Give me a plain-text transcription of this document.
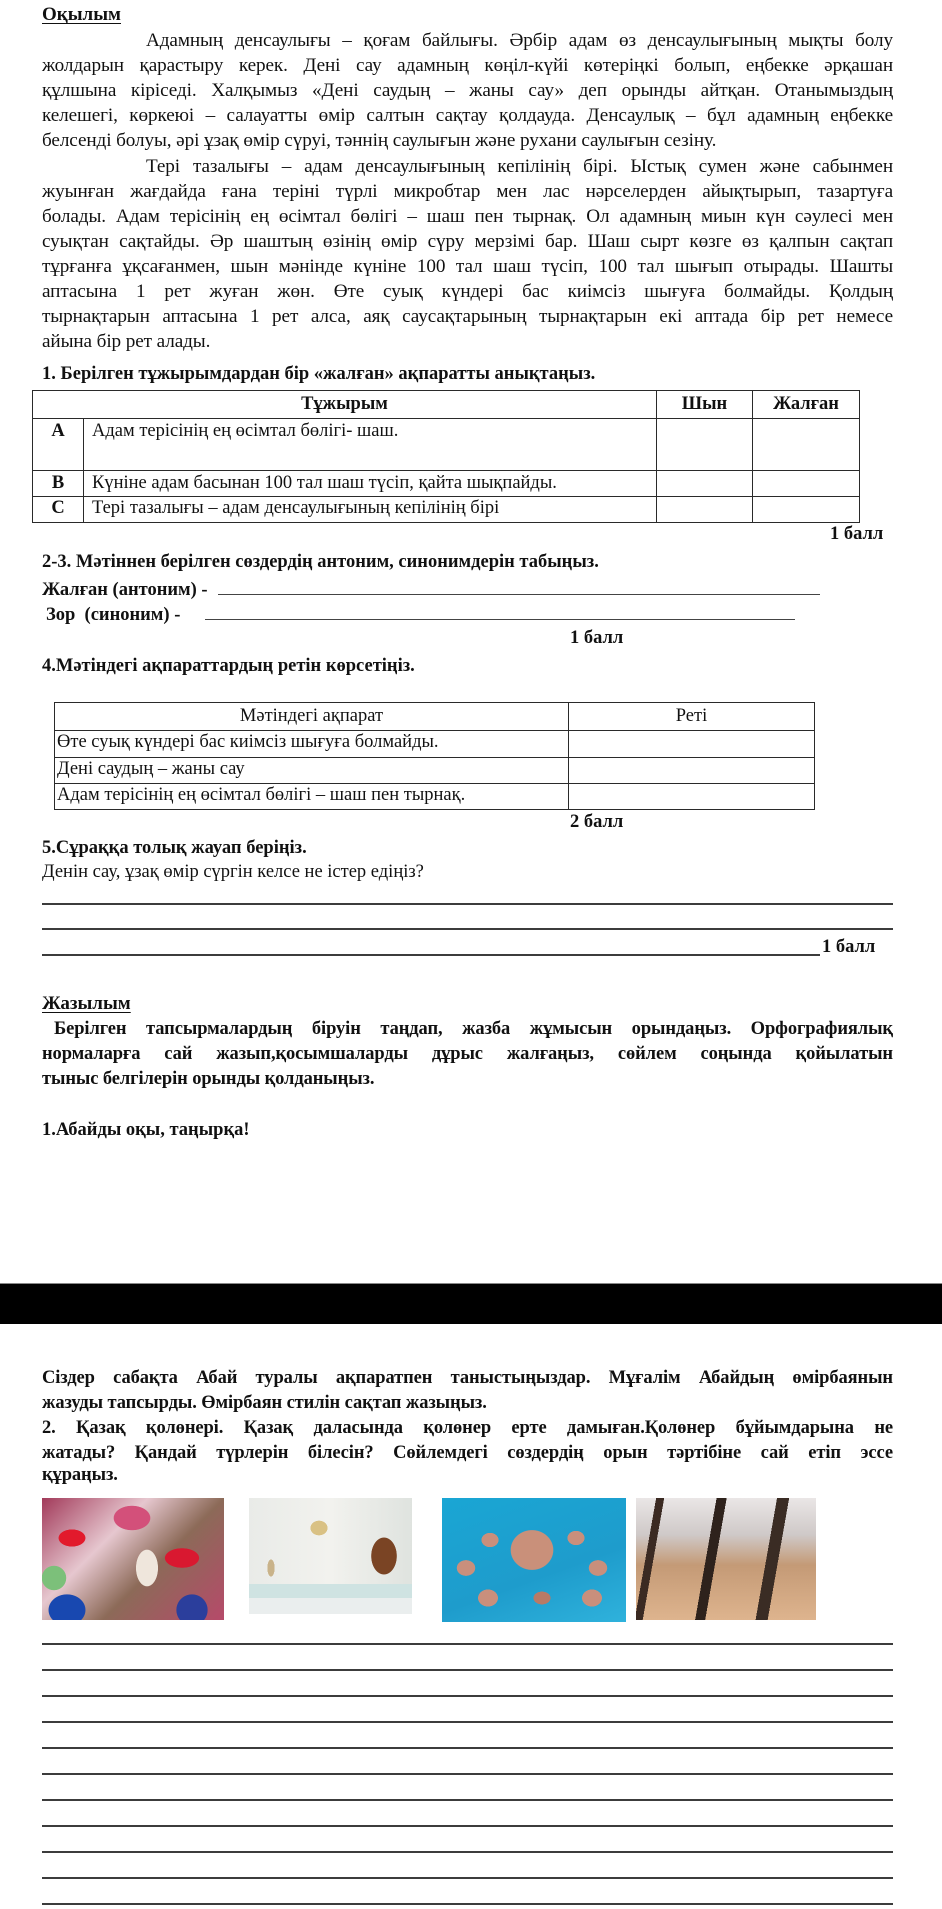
Оқылым
Адамның денсаулығы – қоғам байлығы. Әрбір адам өз денсаулығының мықты болу
жолдарын қарастыру керек. Дені сау адамның көңіл-күйі көтеріңкі болып, еңбекке әрқашан
құлшына кіріседі. Халқымыз «Дені саудың – жаны сау» деп орынды айтқан. Отанымыздың
келешегі, көркеюі – салауатты өмір салтын сақтау қолдауда. Денсаулық – бұл адамның еңбекке
белсенді болуы, әрі ұзақ өмір сүруі, тәннің саулығын және рухани саулығын сезіну.
Тері тазалығы – адам денсаулығының кепілінің бірі. Ыстық сумен және сабынмен
жуынған жағдайда ғана теріні түрлі микробтар мен лас нәрселерден айықтырып, тазартуға
болады. Адам терісінің ең өсімтал бөлігі – шаш пен тырнақ. Ол адамның миын күн сәулесі мен
суықтан сақтайды. Әр шаштың өзінің өмір сүру мерзімі бар. Шаш сырт көзге өз қалпын сақтап
тұрғанға ұқсағанмен, шын мәнінде күніне 100 тал шаш түсіп, 100 тал шығып отырады. Шашты
аптасына 1 рет жуған жөн. Өте суық күндері бас киімсіз шығуға болмайды. Қолдың
тырнақтарын аптасына 1 рет алса, аяқ саусақтарының тырнақтарын екі аптада бір рет немесе
айына бір рет алады.
1. Берілген тұжырымдардан бір «жалған» ақпаратты анықтаңыз.
Тұжырым		Шын	Жалған
A	Адам терісінің ең өсімтал бөлігі- шаш.		
B	Күніне адам басынан 100 тал шаш түсіп, қайта шықпайды.		
C	Тері тазалығы – адам денсаулығының кепілінің бірі		
1 балл
2-3. Мәтіннен берілген сөздердің антоним, синонимдерін табыңыз.
Жалған (антоним) -
Зор  (синоним) -
1 балл
4.Мәтіндегі ақпараттардың ретін көрсетіңіз.
Мәтіндегі ақпарат	Реті
Өте суық күндері бас киімсіз шығуға болмайды.	
Дені саудың – жаны сау	
Адам терісінің ең өсімтал бөлігі – шаш пен тырнақ.	
2 балл
5.Сұраққа толық жауап беріңіз.
Денін сау, ұзақ өмір сүргін келсе не істер едіңіз?
1 балл
Жазылым
Берілген тапсырмалардың біруін таңдап, жазба жұмысын орындаңыз. Орфографиялық
нормаларға сай жазып,қосымшаларды дұрыс жалғаңыз, сөйлем соңында қойылатын
тыныс белгілерін орынды қолданыңыз.
1.Абайды оқы, таңырқа!
Сіздер сабақта Абай туралы ақпаратпен таныстыңыздар. Мұғалім Абайдың өмірбаянын
жазуды тапсырды. Өмірбаян стилін сақтап жазыңыз.
2. Қазақ қолөнері. Қазақ даласында қолөнер ерте дамыған.Қолөнер бұйымдарына не
жатады? Қандай түрлерін білесін? Сөйлемдегі сөздердің орын тәртібіне сай етіп эссе
құраңыз.
